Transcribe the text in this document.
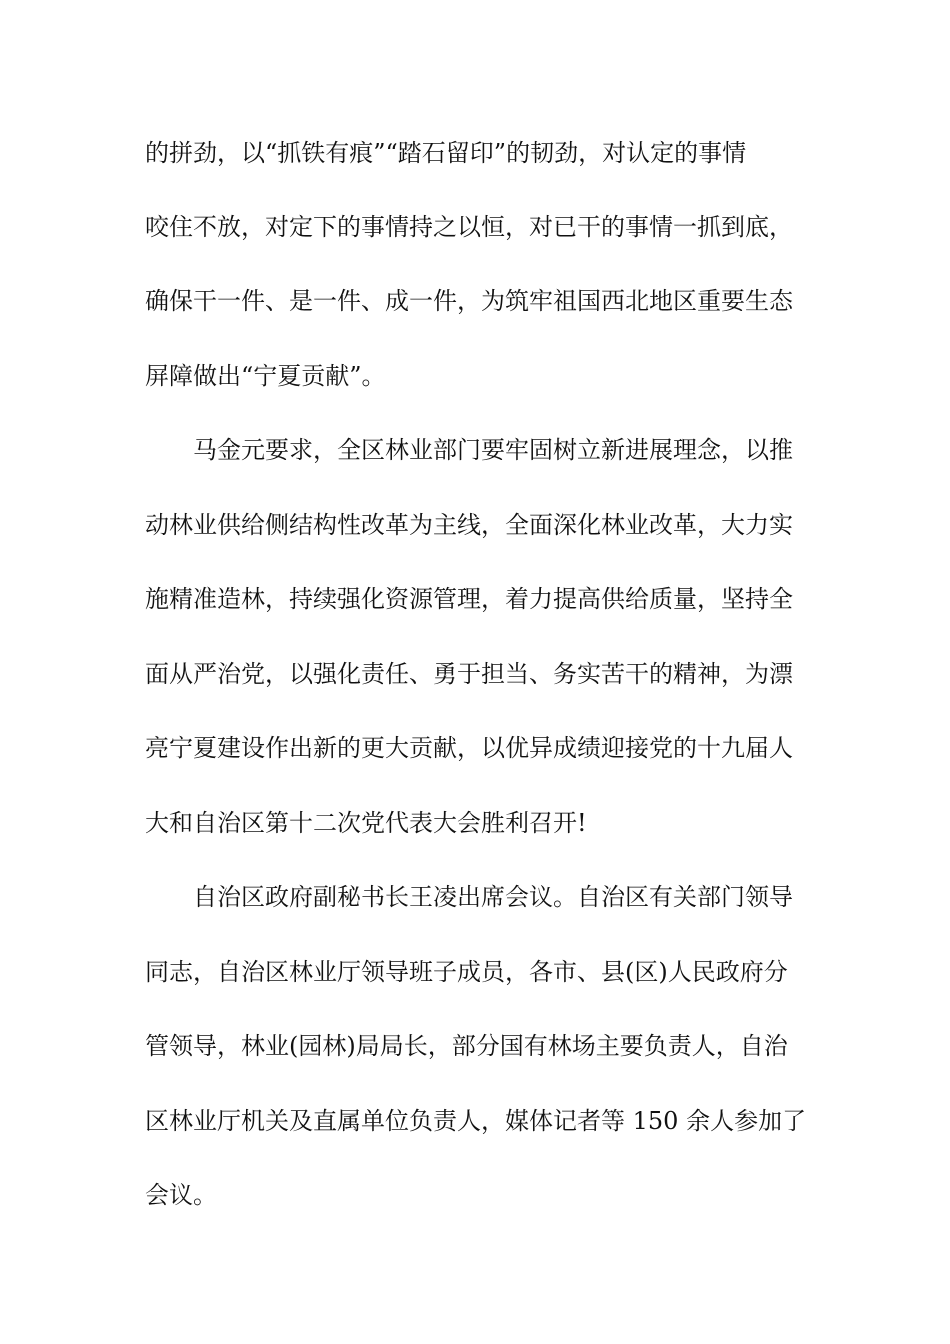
的拼劲，以“抓铁有痕”“踏石留印”的韧劲，对认定的事情
咬住不放，对定下的事情持之以恒，对已干的事情一抓到底，
确保干一件、是一件、成一件，为筑牢祖国西北地区重要生态
屏障做出“宁夏贡献”。
马金元要求，全区林业部门要牢固树立新进展理念，以推
动林业供给侧结构性改革为主线，全面深化林业改革，大力实
施精准造林，持续强化资源管理，着力提高供给质量，坚持全
面从严治党，以强化责任、勇于担当、务实苦干的精神，为漂
亮宁夏建设作出新的更大贡献，以优异成绩迎接党的十九届人
大和自治区第十二次党代表大会胜利召开!
自治区政府副秘书长王凌出席会议。自治区有关部门领导
同志，自治区林业厅领导班子成员，各市、县(区)人民政府分
管领导，林业(园林)局局长，部分国有林场主要负责人，自治
区林业厅机关及直属单位负责人，媒体记者等 150 余人参加了
会议。
